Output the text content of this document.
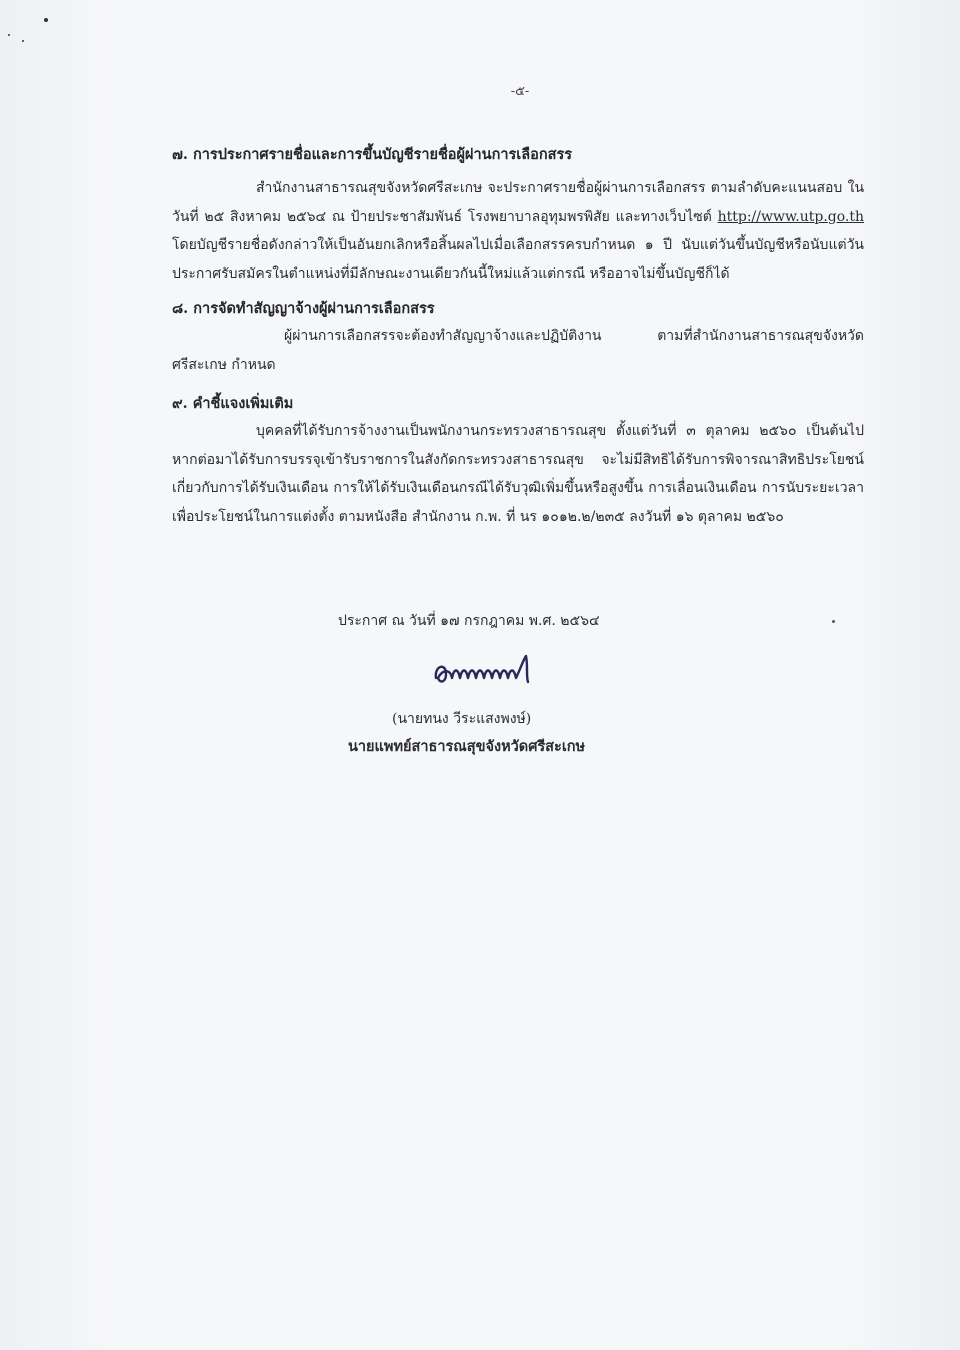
-๕-

๗. การประกาศรายชื่อและการขึ้นบัญชีรายชื่อผู้ผ่านการเลือกสรร

สำนักงานสาธารณสุขจังหวัดศรีสะเกษ จะประกาศรายชื่อผู้ผ่านการเลือกสรร ตามลำดับคะแนนสอบ ในวันที่ ๒๕ สิงหาคม ๒๕๖๔ ณ ป้ายประชาสัมพันธ์ โรงพยาบาลอุทุมพรพิสัย และทางเว็บไซต์ http://www.utp.go.th โดยบัญชีรายชื่อดังกล่าวให้เป็นอันยกเลิกหรือสิ้นผลไปเมื่อเลือกสรรครบกำหนด ๑ ปี นับแต่วันขึ้นบัญชีหรือนับแต่วันประกาศรับสมัครในตำแหน่งที่มีลักษณะงานเดียวกันนี้ใหม่แล้วแต่กรณี หรืออาจไม่ขึ้นบัญชีก็ได้

๘. การจัดทำสัญญาจ้างผู้ผ่านการเลือกสรร

ผู้ผ่านการเลือกสรรจะต้องทำสัญญาจ้างและปฏิบัติงาน ตามที่สำนักงานสาธารณสุขจังหวัดศรีสะเกษ กำหนด

๙. คำชี้แจงเพิ่มเติม

บุคคลที่ได้รับการจ้างงานเป็นพนักงานกระทรวงสาธารณสุข ตั้งแต่วันที่ ๓ ตุลาคม ๒๕๖๐ เป็นต้นไป หากต่อมาได้รับการบรรจุเข้ารับราชการในสังกัดกระทรวงสาธารณสุข จะไม่มีสิทธิได้รับการพิจารณาสิทธิประโยชน์เกี่ยวกับการได้รับเงินเดือน การให้ได้รับเงินเดือนกรณีได้รับวุฒิเพิ่มขึ้นหรือสูงขึ้น การเลื่อนเงินเดือน การนับระยะเวลาเพื่อประโยชน์ในการแต่งตั้ง ตามหนังสือ สำนักงาน ก.พ. ที่ นร ๑๐๑๒.๒/๒๓๕ ลงวันที่ ๑๖ ตุลาคม ๒๕๖๐

ประกาศ ณ วันที่ ๑๗ กรกฎาคม พ.ศ. ๒๕๖๔
(นายทนง วีระแสงพงษ์)
นายแพทย์สาธารณสุขจังหวัดศรีสะเกษ
